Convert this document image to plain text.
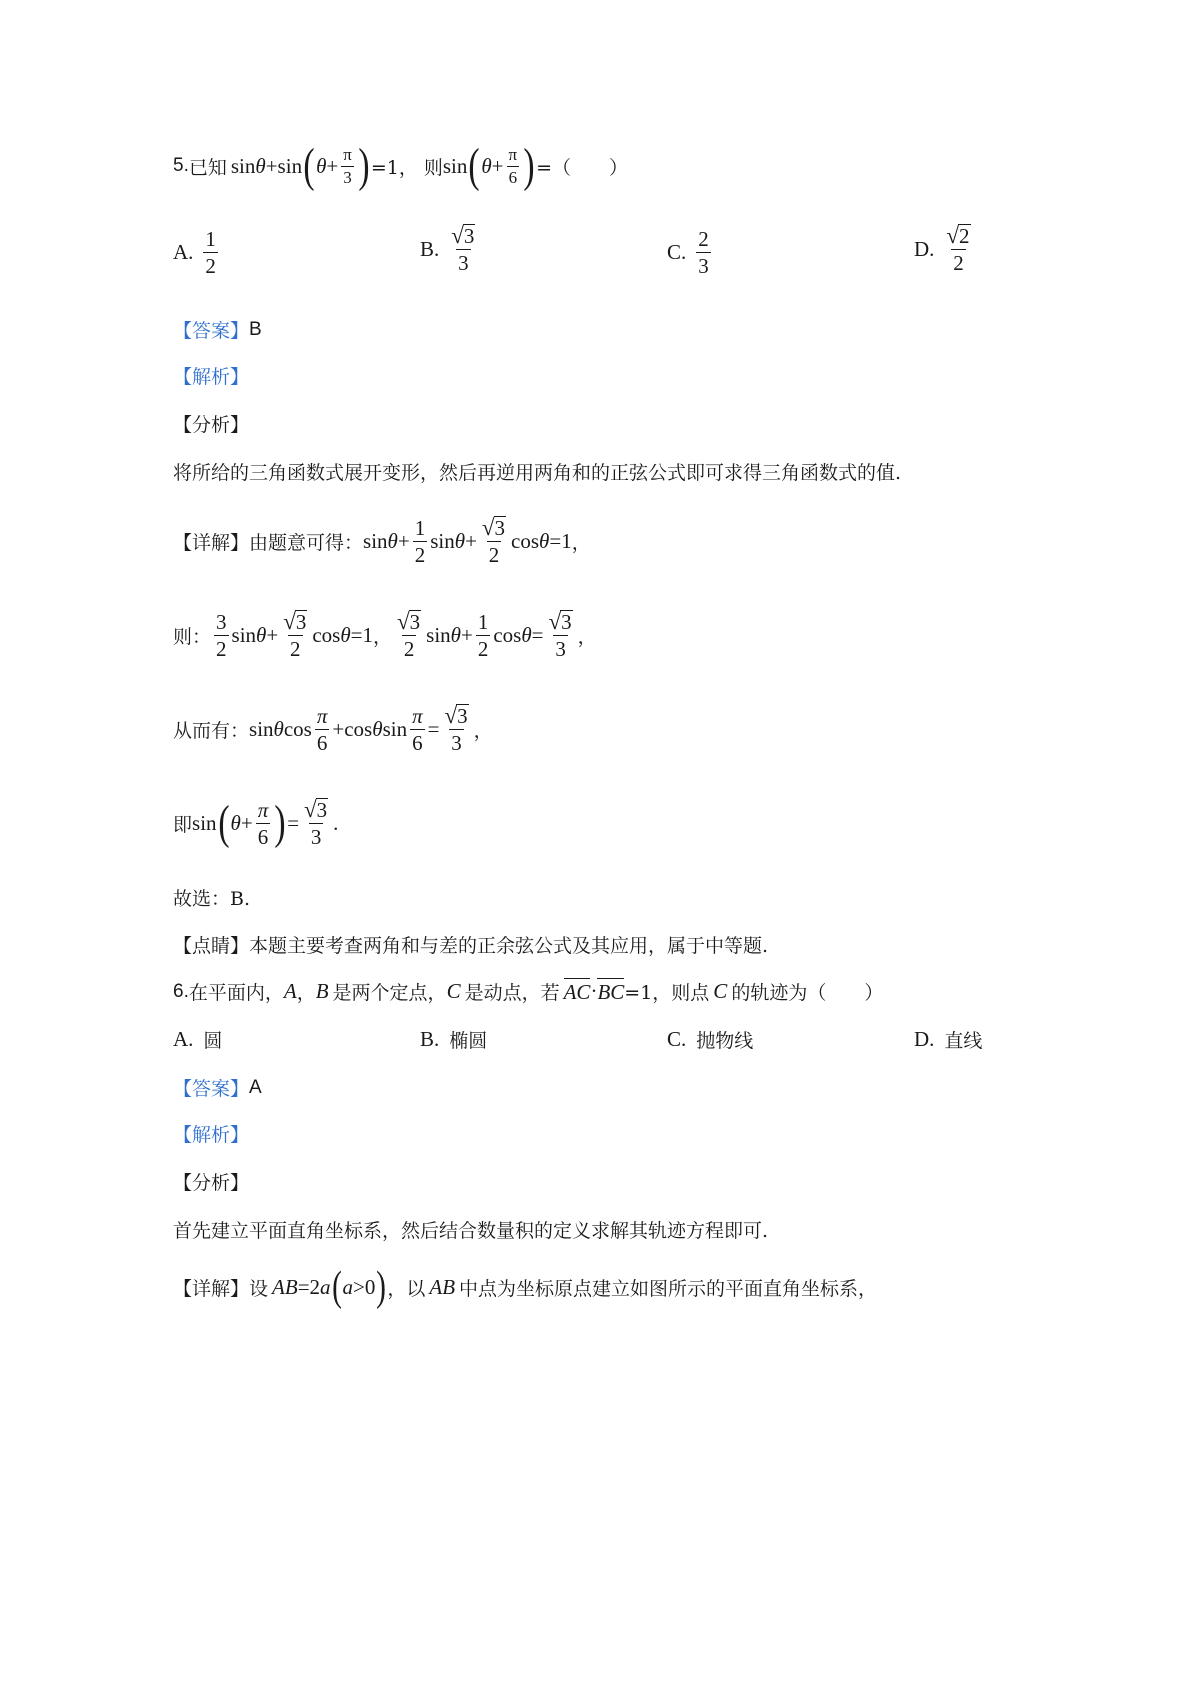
5. 已知 sin θ +sin ( $\theta + \frac{\pi}{3}$ ) =1， 则 sin ( $\theta + \frac{\pi}{6}$ ) =（　　）
A. $\frac{1}{2}$	B. $\frac{√ 3}{3}$	C. $\frac{2}{3}$	D. $\frac{√ 2}{2}$
【答案】 B
【解析】
【分析】
将所给的三角函数式展开变形，然后再逆用两角和的正弦公式即可求得三角函数式的值.
【详解】 由题意可得： $\sin \theta + \frac{1}{2}$ $\sin \theta + \frac{√ 3}{2}$ cos θ =1 ，
则： $\frac{3}{2}$ $\sin \theta + \frac{√ 3}{2}$ cos θ =1 ， $\frac{√ 3}{2}$ $\sin \theta + \frac{1}{2}$ $\cos \theta = \frac{√ 3}{3}$ ，
从而有： sin θ $\cos \frac{\pi}{6} +\cos$ θ $\sin \frac{\pi}{6} = \frac{√ 3}{3}$ ，
即 sin ( $\theta + \frac{\pi}{6}$ ) = $\frac{√ 3}{3}$ .
故选：B.
【点睛】 本题主要考查两角和与差的正余弦公式及其应用，属于中等题.
6. 在平面内， A ， B 是两个定点， C 是动点，若 AC · BC =1，则点 C 的轨迹为（　　）
A. 圆	B. 椭圆	C. 抛物线	D. 直线
【答案】 A
【解析】
【分析】
首先建立平面直角坐标系，然后结合数量积的定义求解其轨迹方程即可.
【详解】 设 AB =2 a ( a >0 ) ，以 AB 中点为坐标原点建立如图所示的平面直角坐标系，
